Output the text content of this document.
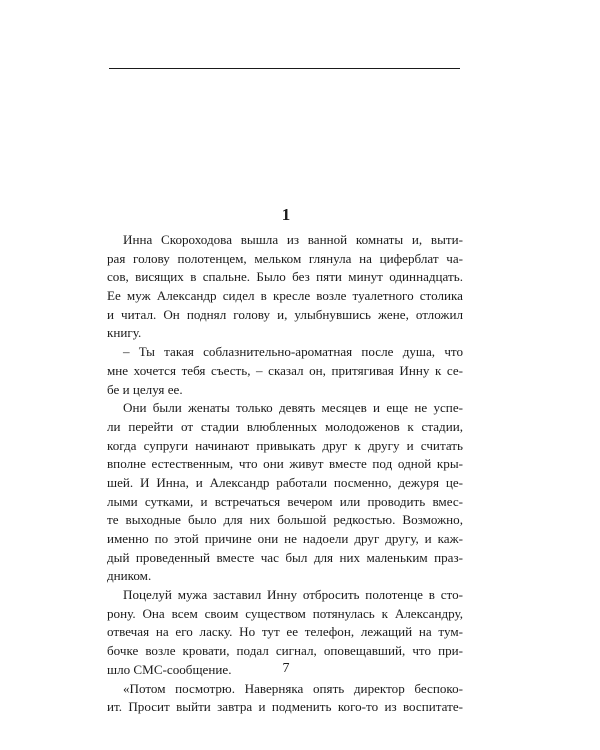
1
Инна Скороходова вышла из ванной комнаты и, выти-
рая голову полотенцем, мельком глянула на циферблат ча-
сов, висящих в спальне. Было без пяти минут одиннадцать.
Ее муж Александр сидел в кресле возле туалетного столика
и читал. Он поднял голову и, улыбнувшись жене, отложил
книгу.
– Ты такая соблазнительно-ароматная после душа, что
мне хочется тебя съесть, – сказал он, притягивая Инну к се-
бе и целуя ее.
Они были женаты только девять месяцев и еще не успе-
ли перейти от стадии влюбленных молодоженов к стадии,
когда супруги начинают привыкать друг к другу и считать
вполне естественным, что они живут вместе под одной кры-
шей. И Инна, и Александр работали посменно, дежуря це-
лыми сутками, и встречаться вечером или проводить вмес-
те выходные было для них большой редкостью. Возможно,
именно по этой причине они не надоели друг другу, и каж-
дый проведенный вместе час был для них маленьким праз-
дником.
Поцелуй мужа заставил Инну отбросить полотенце в сто-
рону. Она всем своим существом потянулась к Александру,
отвечая на его ласку. Но тут ее телефон, лежащий на тум-
бочке возле кровати, подал сигнал, оповещавший, что при-
шло СМС-сообщение.
«Потом посмотрю. Наверняка опять директор беспоко-
ит. Просит выйти завтра и подменить кого-то из воспитате-
7
